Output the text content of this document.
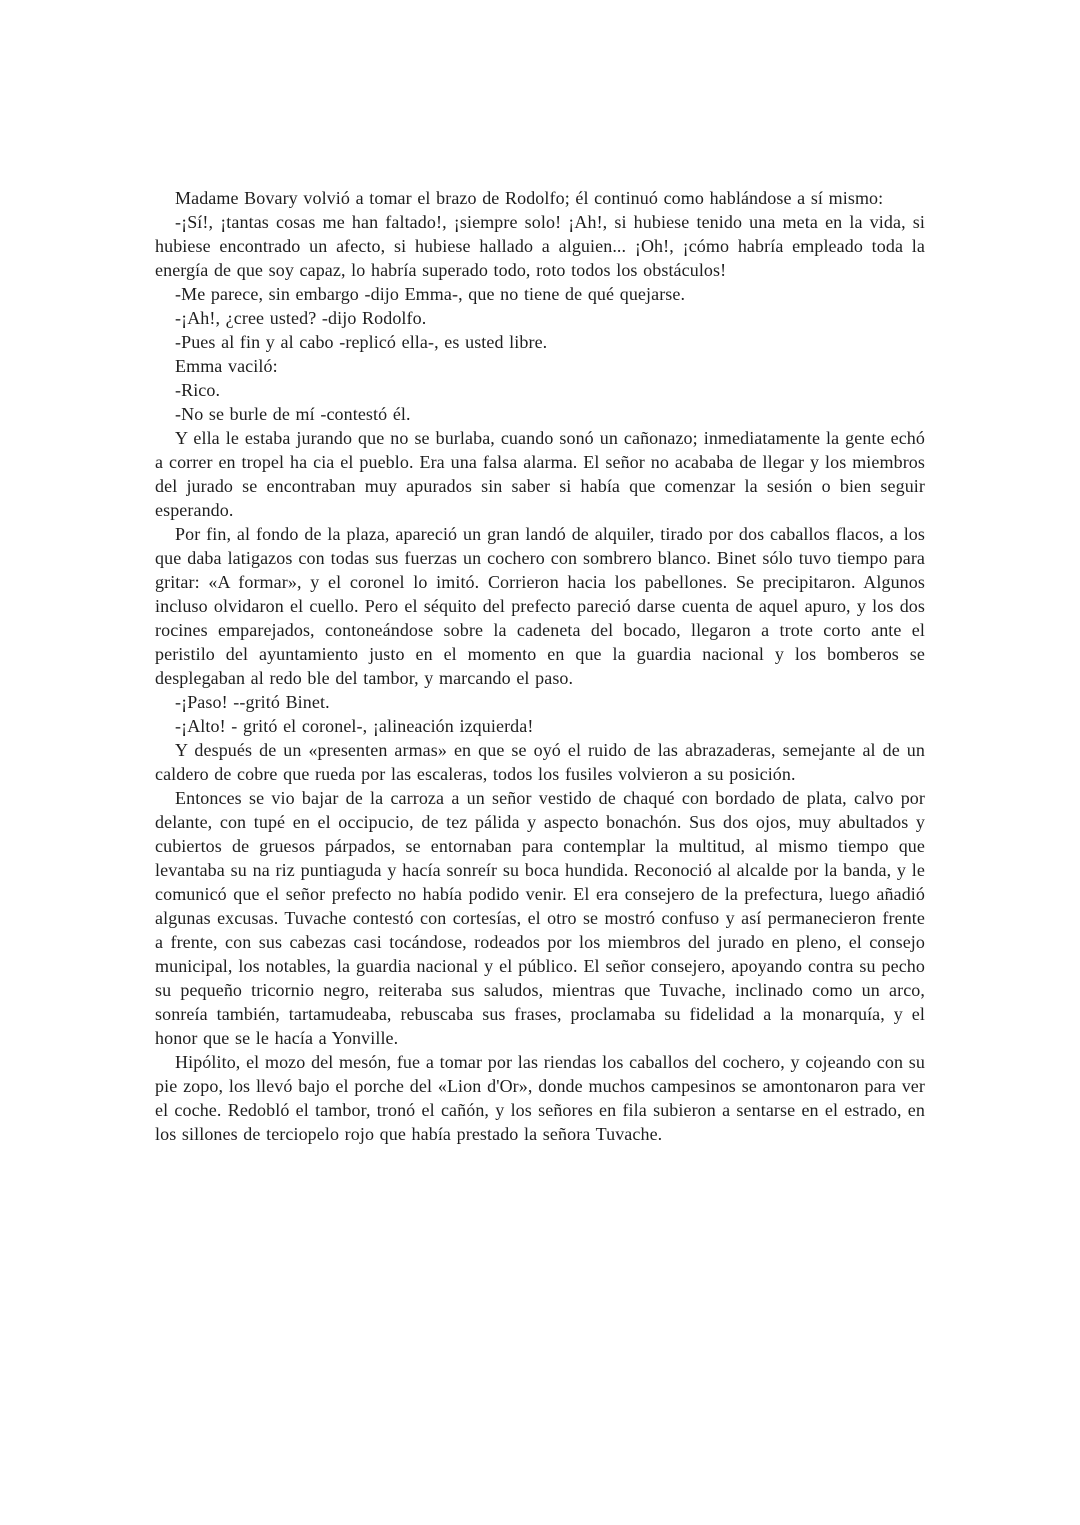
Madame Bovary volvió a tomar el brazo de Rodolfo; él continuó como hablándose a sí mismo:

-¡Sí!, ¡tantas cosas me han faltado!, ¡siempre solo! ¡Ah!, si hubiese tenido una meta en la vida, si hubiese encontrado un afecto, si hubiese hallado a alguien... ¡Oh!, ¡cómo habría empleado toda la energía de que soy capaz, lo habría superado todo, roto todos los obstáculos!

-Me parece, sin embargo -dijo Emma-, que no tiene de qué quejarse.

-¡Ah!, ¿cree usted? -dijo Rodolfo.

-Pues al fin y al cabo -replicó ella-, es usted libre.

Emma vaciló:

-Rico.

-No se burle de mí -contestó él.

Y ella le estaba jurando que no se burlaba, cuando sonó un cañonazo; inmediatamente la gente echó a correr en tropel ha cia el pueblo. Era una falsa alarma. El señor no acababa de llegar y los miembros del jurado se encontraban muy apurados sin saber si había que comenzar la sesión o bien seguir esperando.

Por fin, al fondo de la plaza, apareció un gran landó de alquiler, tirado por dos caballos flacos, a los que daba latigazos con todas sus fuerzas un cochero con sombrero blanco. Binet sólo tuvo tiempo para gritar: «A formar», y el coronel lo imitó. Corrieron hacia los pabellones. Se precipitaron. Algunos incluso olvidaron el cuello. Pero el séquito del prefecto pareció darse cuenta de aquel apuro, y los dos rocines emparejados, contoneándose sobre la cadeneta del bocado, llegaron a trote corto ante el peristilo del ayuntamiento justo en el momento en que la guardia nacional y los bomberos se desplegaban al redo ble del tambor, y marcando el paso.

-¡Paso! --gritó Binet.

-¡Alto! - gritó el coronel-, ¡alineación izquierda!

Y después de un «presenten armas» en que se oyó el ruido de las abrazaderas, semejante al de un caldero de cobre que rueda por las escaleras, todos los fusiles volvieron a su posición.

Entonces se vio bajar de la carroza a un señor vestido de chaqué con bordado de plata, calvo por delante, con tupé en el occipucio, de tez pálida y aspecto bonachón. Sus dos ojos, muy abultados y cubiertos de gruesos párpados, se entornaban para contemplar la multitud, al mismo tiempo que levantaba su na riz puntiaguda y hacía sonreír su boca hundida. Reconoció al alcalde por la banda, y le comunicó que el señor prefecto no había podido venir. El era consejero de la prefectura, luego añadió algunas excusas. Tuvache contestó con cortesías, el otro se mostró confuso y así permanecieron frente a frente, con sus cabezas casi tocándose, rodeados por los miembros del jurado en pleno, el consejo municipal, los notables, la guardia nacional y el público. El señor consejero, apoyando contra su pecho su pequeño tricornio negro, reiteraba sus saludos, mientras que Tuvache, inclinado como un arco, sonreía también, tartamudeaba, rebuscaba sus frases, proclamaba su fidelidad a la monarquía, y el honor que se le hacía a Yonville.

Hipólito, el mozo del mesón, fue a tomar por las riendas los caballos del cochero, y cojeando con su pie zopo, los llevó bajo el porche del «Lion d'Or», donde muchos campesinos se amontonaron para ver el coche. Redobló el tambor, tronó el cañón, y los señores en fila subieron a sentarse en el estrado, en los sillones de terciopelo rojo que había prestado la señora Tuvache.
